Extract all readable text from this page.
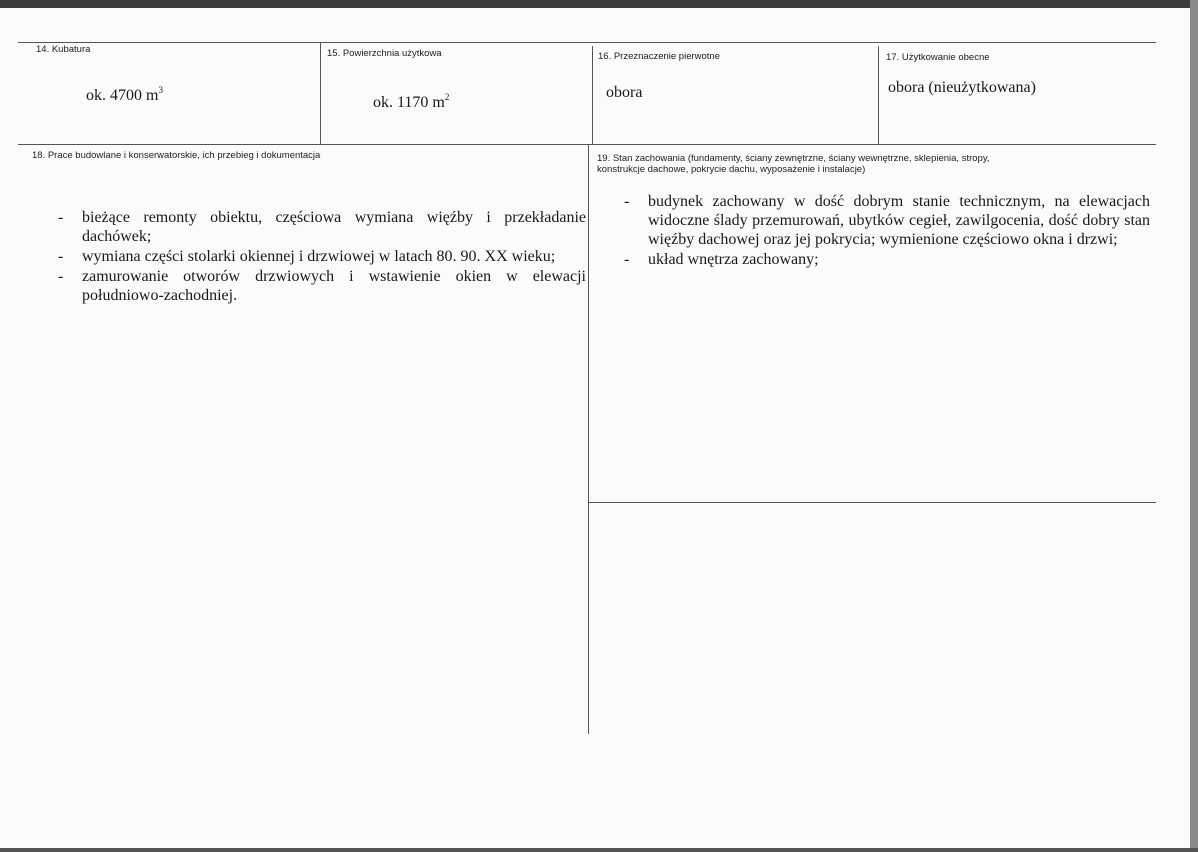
14. Kubatura
ok. 4700 $m^3$
15. Powierzchnia użytkowa
ok. 1170 $m^2$
16. Przeznaczenie pierwotne
obora
17. Użytkowanie obecne
obora (nieużytkowana)
18. Prace budowlane i konserwatorskie, ich przebieg i dokumentacja
- bieżące remonty obiektu, częściowa wymiana więźby i przekładanie dachówek;
- wymiana części stolarki okiennej i drzwiowej w latach 80. 90. XX wieku;
- zamurowanie otworów drzwiowych i wstawienie okien w elewacji południowo-zachodniej.
19. Stan zachowania (fundamenty, ściany zewnętrzne, ściany wewnętrzne, sklepienia, stropy,
konstrukcje dachowe, pokrycie dachu, wyposażenie i instalacje)
- budynek zachowany w dość dobrym stanie technicznym, na elewacjach widoczne ślady przemurowań, ubytków cegieł, zawilgocenia, dość dobry stan więźby dachowej oraz jej pokrycia; wymienione częściowo okna i drzwi;
- układ wnętrza zachowany;
